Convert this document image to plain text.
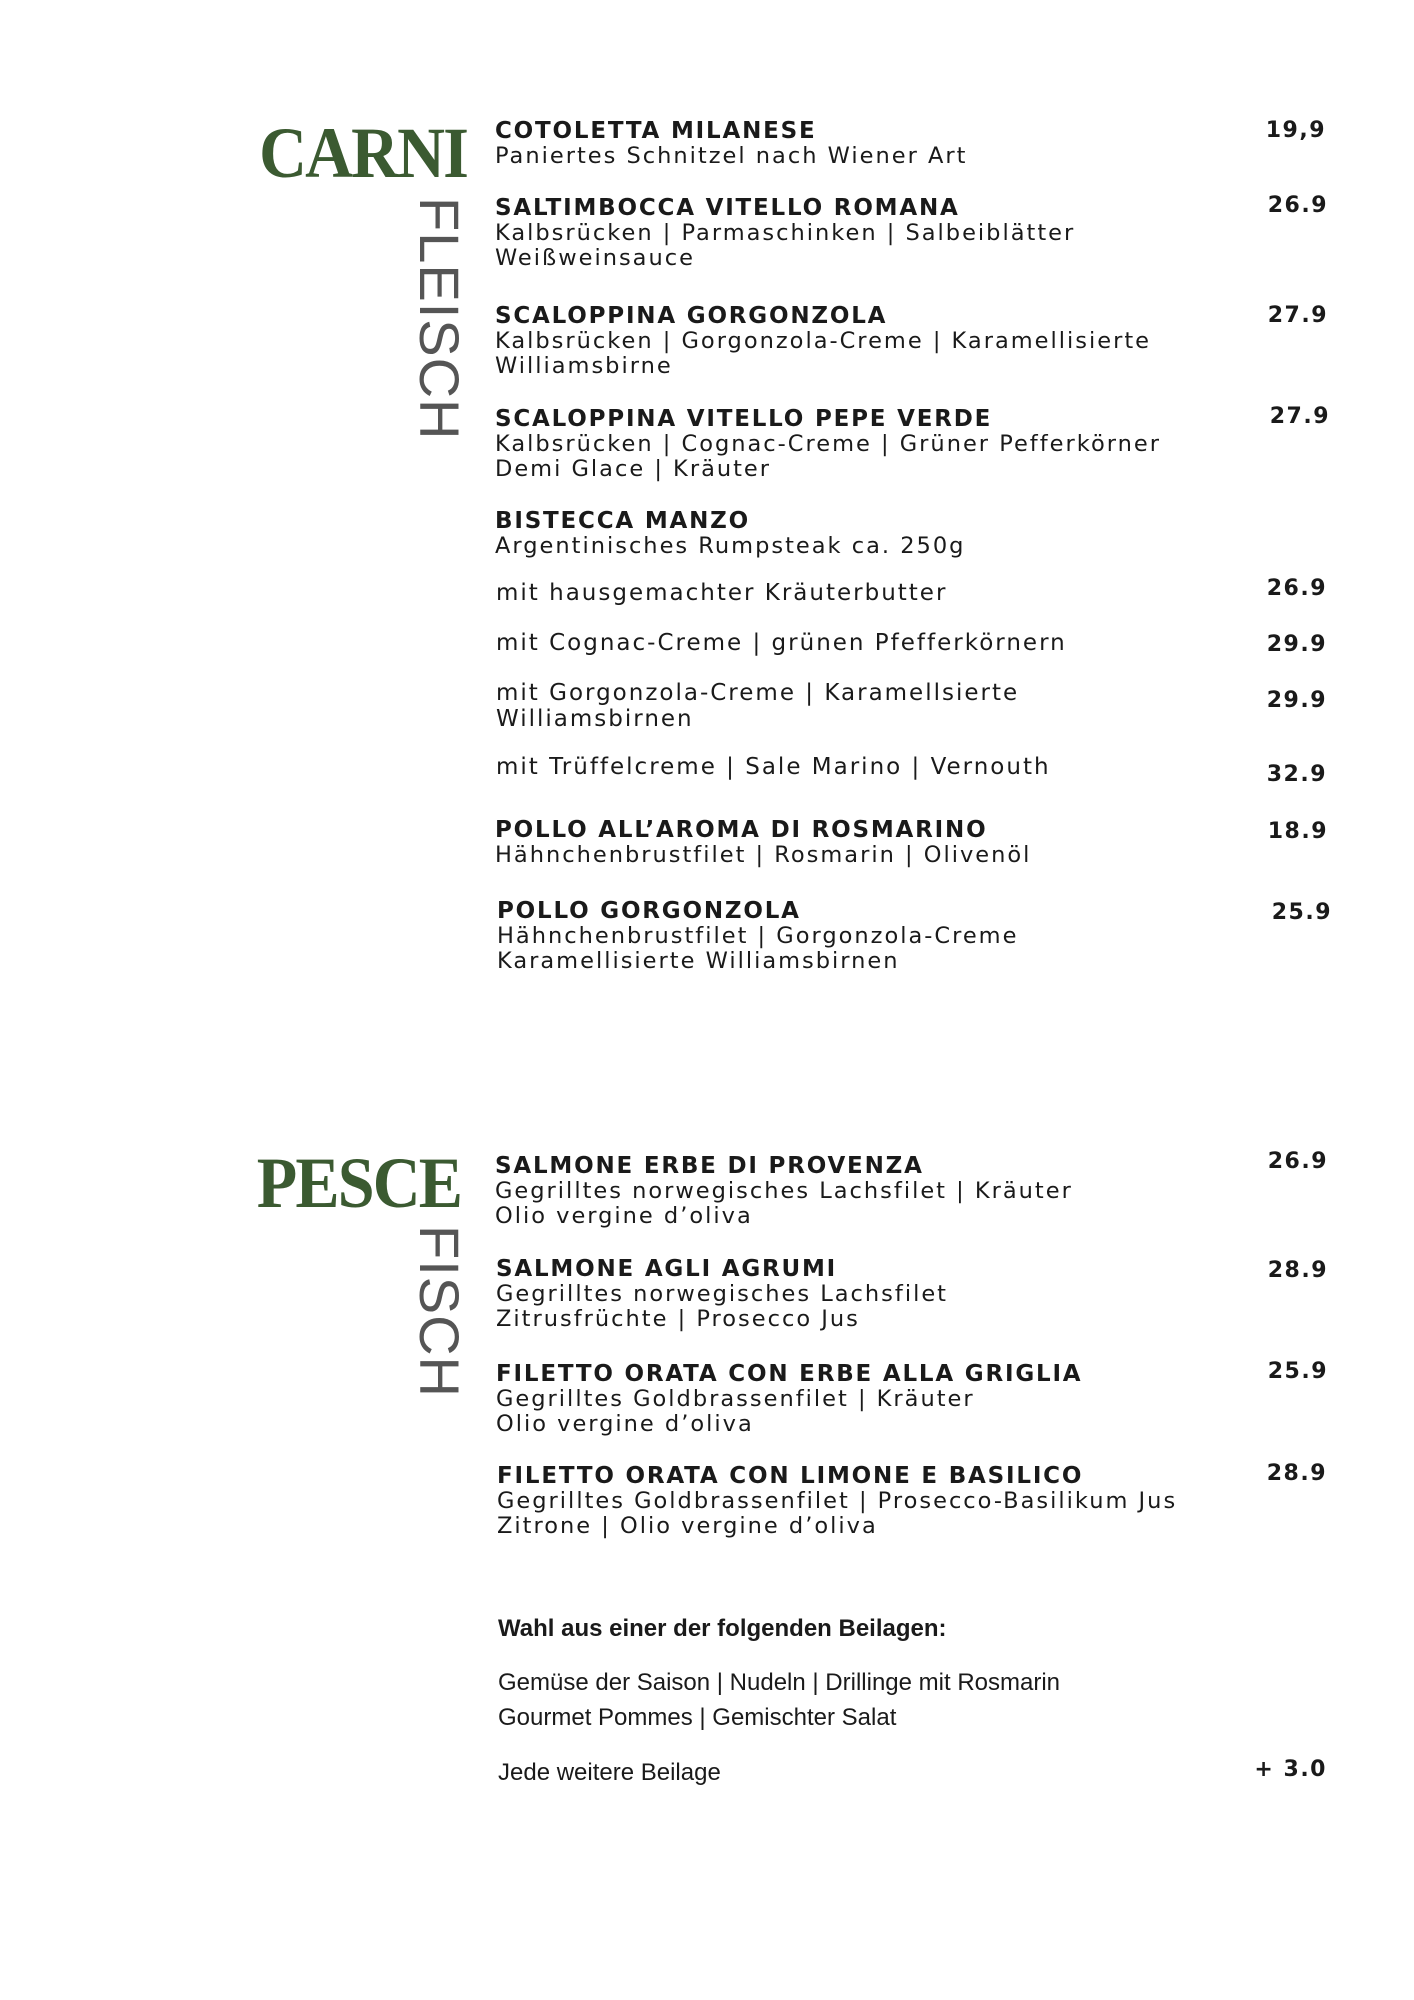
CARNI
FLEISCH
COTOLETTA MILANESE
Paniertes Schnitzel nach Wiener Art
19,9
SALTIMBOCCA VITELLO ROMANA
Kalbsrücken | Parmaschinken | Salbeiblätter
Weißweinsauce
26.9
SCALOPPINA GORGONZOLA
Kalbsrücken | Gorgonzola-Creme | Karamellisierte
Williamsbirne
27.9
SCALOPPINA VITELLO PEPE VERDE
Kalbsrücken | Cognac-Creme | Grüner Pefferkörner
Demi Glace | Kräuter
27.9
BISTECCA MANZO
Argentinisches Rumpsteak ca. 250g
mit hausgemachter Kräuterbutter	26.9
mit Cognac-Creme | grünen Pfefferkörnern	29.9
mit Gorgonzola-Creme | Karamellsierte
Williamsbirnen
29.9
mit Trüffelcreme | Sale Marino | Vernouth	32.9
POLLO ALL’AROMA DI ROSMARINO
Hähnchenbrustfilet | Rosmarin | Olivenöl
18.9
POLLO GORGONZOLA
Hähnchenbrustfilet | Gorgonzola-Creme
Karamellisierte Williamsbirnen
25.9
PESCE
FISCH
SALMONE ERBE DI PROVENZA
Gegrilltes norwegisches Lachsfilet | Kräuter
Olio vergine d’oliva
26.9
SALMONE AGLI AGRUMI
Gegrilltes norwegisches Lachsfilet
Zitrusfrüchte | Prosecco Jus
28.9
FILETTO ORATA CON ERBE ALLA GRIGLIA
Gegrilltes Goldbrassenfilet | Kräuter
Olio vergine d’oliva
25.9
FILETTO ORATA CON LIMONE E BASILICO
Gegrilltes Goldbrassenfilet | Prosecco-Basilikum Jus
Zitrone | Olio vergine d’oliva
28.9
Wahl aus einer der folgenden Beilagen:
Gemüse der Saison | Nudeln | Drillinge mit Rosmarin
Gourmet Pommes | Gemischter Salat
Jede weitere Beilage	+ 3.0
